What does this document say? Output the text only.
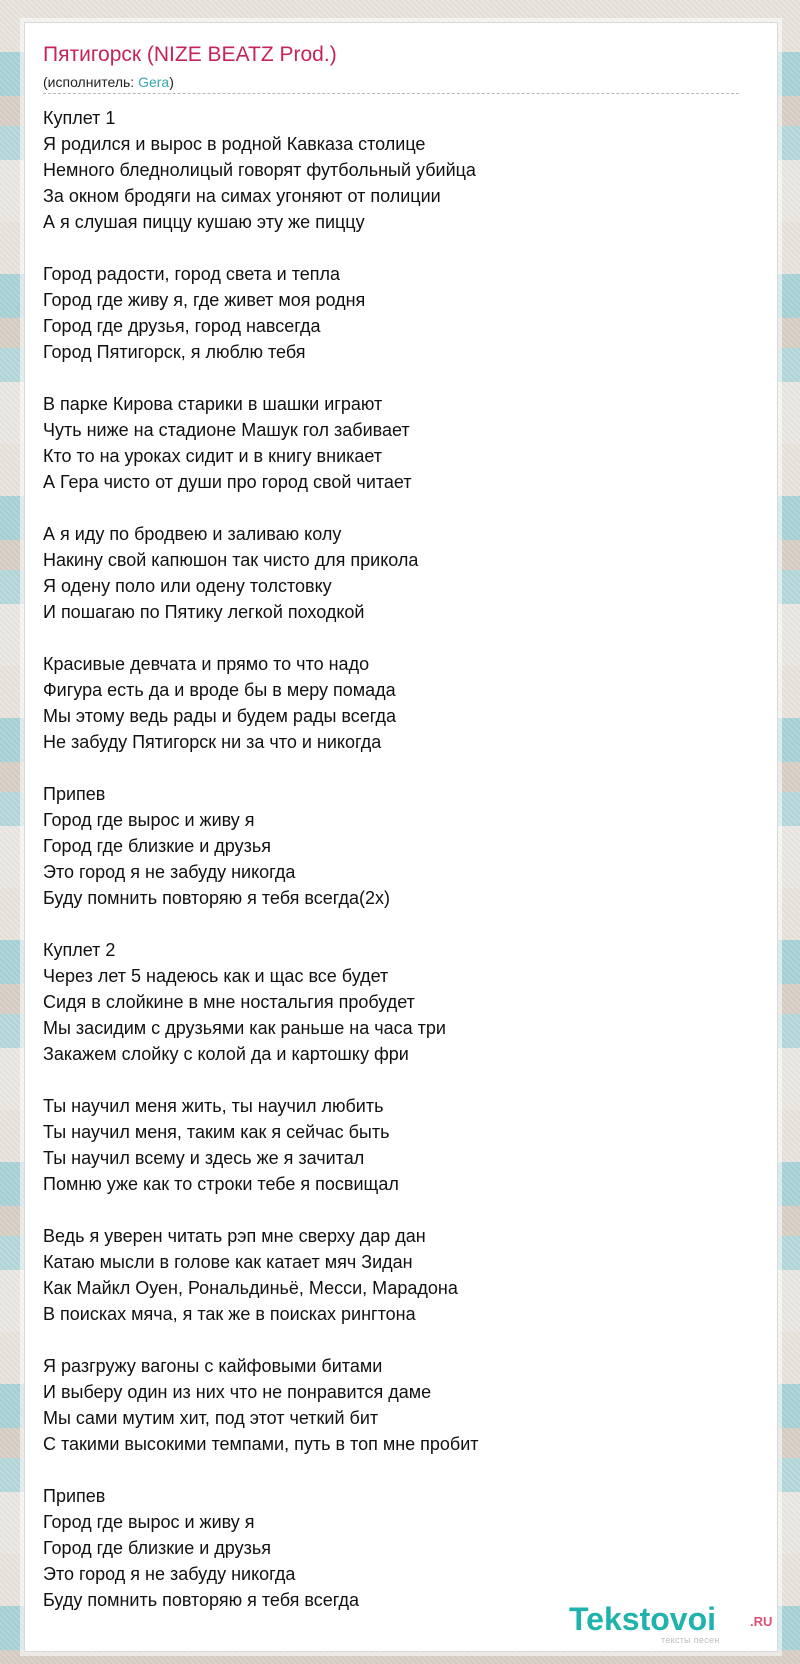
Пятигорск (NIZE BEATZ Prod.)
(исполнитель: Gera)
Куплет 1
Я родился и вырос в родной Кавказа столице
Немного бледнолицый говорят футбольный убийца
За окном бродяги на симах угоняют от полиции
А я слушая пиццу кушаю эту же пиццу
Город радости, город света и тепла
Город где живу я, где живет моя родня
Город где друзья, город навсегда
Город Пятигорск, я люблю тебя
В парке Кирова старики в шашки играют
Чуть ниже на стадионе Машук гол забивает
Кто то на уроках сидит и в книгу вникает
А Гера чисто от души про город свой читает
А я иду по бродвею и заливаю колу
Накину свой капюшон так чисто для прикола
Я одену поло или одену толстовку
И пошагаю по Пятику легкой походкой
Красивые девчата и прямо то что надо
Фигура есть да и вроде бы в меру помада
Мы этому ведь рады и будем рады всегда
Не забуду Пятигорск ни за что и никогда
Припев
Город где вырос и живу я
Город где близкие и друзья
Это город я не забуду никогда
Буду помнить повторяю я тебя всегда(2x)
Куплет 2
Через лет 5 надеюсь как и щас все будет
Сидя в слойкине в мне ностальгия пробудет
Мы засидим с друзьями как раньше на часа три
Закажем слойку с колой да и картошку фри
Ты научил меня жить, ты научил любить
Ты научил меня, таким как я сейчас быть
Ты научил всему и здесь же я зачитал
Помню уже как то строки тебе я посвищал
Ведь я уверен читать рэп мне сверху дар дан
Катаю мысли в голове как катает мяч Зидан
Как Майкл Оуен, Рональдиньё, Месси, Марадона
В поисках мяча, я так же в поисках рингтона
Я разгружу вагоны с кайфовыми битами
И выберу один из них что не понравится даме
Мы сами мутим хит, под этот четкий бит
С такими высокими темпами, путь в топ мне пробит
Припев
Город где вырос и живу я
Город где близкие и друзья
Это город я не забуду никогда
Буду помнить повторяю я тебя всегда
Tekstovoi	.RU
тексты песен
